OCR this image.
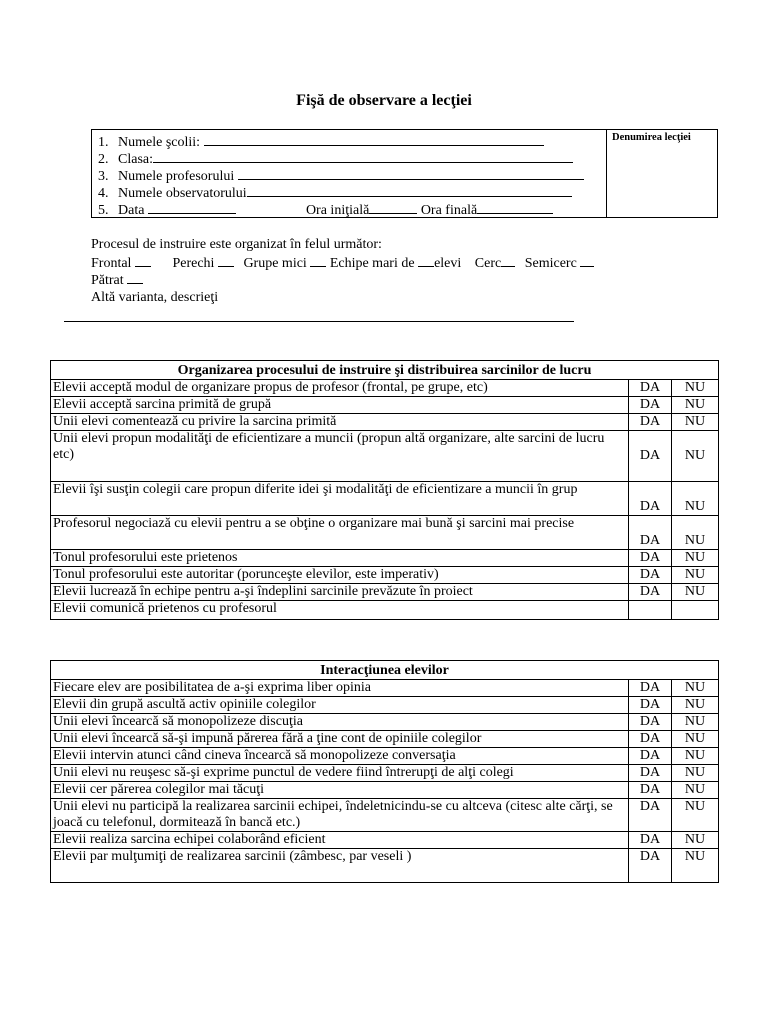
Fişă de observare a lecţiei
1. Numele şcolii:
2. Clasa:
3. Numele profesorului
4. Numele observatorului
5. Data	Ora iniţială	Ora finală
Denumirea lecţiei
Procesul de instruire este organizat în felul următor:
Frontal	Perechi  Grupe mici  Echipe mari de elevi Cerc Semicerc
Pătrat
Altă varianta, descrieţi
Organizarea procesului de instruire şi distribuirea sarcinilor de lucru		
Elevii acceptă modul de organizare propus de profesor (frontal, pe grupe, etc)	DA	NU
Elevii acceptă sarcina primită de grupă	DA	NU
Unii elevi comentează cu privire la sarcina primită	DA	NU
Unii elevi propun modalităţi de eficientizare a muncii (propun altă organizare, alte sarcini de lucru etc)	DA	NU
Elevii îşi susţin colegii care propun diferite idei şi modalităţi de eficientizare a muncii în grup	DA	NU
Profesorul negociază cu elevii pentru a se obţine o organizare mai bună şi sarcini mai precise	DA	NU
Tonul profesorului este prietenos	DA	NU
Tonul profesorului este autoritar (porunceşte elevilor, este imperativ)	DA	NU
Elevii lucrează în echipe pentru a-şi îndeplini sarcinile prevăzute în proiect	DA	NU
Elevii comunică prietenos cu profesorul		
Interacţiunea elevilor		
Fiecare elev are posibilitatea de a-şi exprima liber opinia	DA	NU
Elevii din grupă ascultă activ opiniile colegilor	DA	NU
Unii elevi încearcă să monopolizeze discuţia	DA	NU
Unii elevi încearcă să-şi impună părerea fără a ţine cont de opiniile colegilor	DA	NU
Elevii intervin atunci când cineva încearcă să monopolizeze conversaţia	DA	NU
Unii elevi nu reuşesc să-şi exprime punctul de vedere fiind întrerupţi de alţi colegi	DA	NU
Elevii cer părerea colegilor mai tăcuţi	DA	NU
Unii elevi nu participă la realizarea sarcinii echipei, îndeletnicindu-se cu altceva (citesc alte cărţi, se joacă cu telefonul, dormitează în bancă etc.)	DA	NU
Elevii realiza sarcina echipei colaborând eficient	DA	NU
Elevii par mulţumiţi de realizarea sarcinii (zâmbesc, par veseli )	DA	NU
